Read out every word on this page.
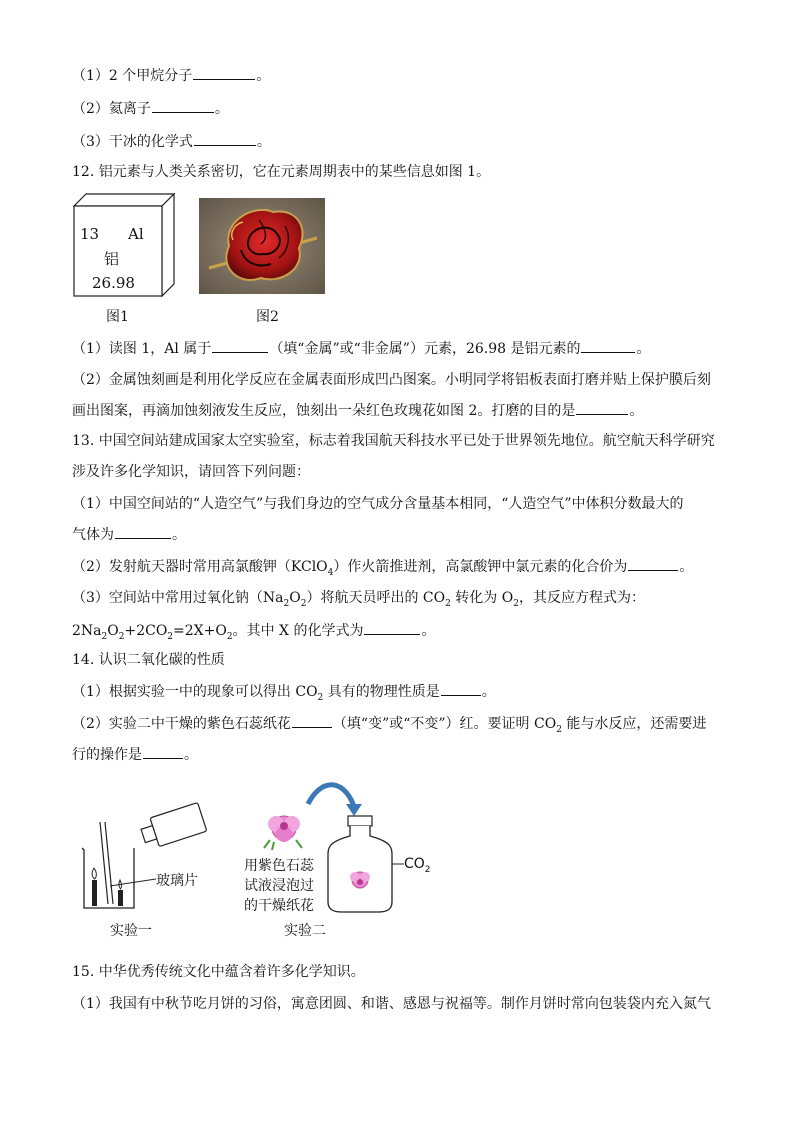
（1）2 个甲烷分子	。
（2）氦离子	。
（3）干冰的化学式	。
12. 铝元素与人类关系密切，它在元素周期表中的某些信息如图 1。
13 Al
铝
26.98
图1	图2
（1）读图 1，Al 属于	（填“金属”或“非金属”）元素，26.98 是铝元素的	。
（2）金属蚀刻画是利用化学反应在金属表面形成凹凸图案。小明同学将铝板表面打磨并贴上保护膜后刻
画出图案，再滴加蚀刻液发生反应，蚀刻出一朵红色玫瑰花如图 2。打磨的目的是	。
13. 中国空间站建成国家太空实验室，标志着我国航天科技水平已处于世界领先地位。航空航天科学研究
涉及许多化学知识，请回答下列问题：
（1）中国空间站的“人造空气”与我们身边的空气成分含量基本相同，“人造空气”中体积分数最大的
气体为	。
（2）发射航天器时常用高氯酸钾（KClO$_4$）作火箭推进剂，高氯酸钾中氯元素的化合价为	。
（3）空间站中常用过氧化钠$(Na_2O_2)$将航天员呼出的 $CO_2$ 转化为 $O_2$，其反应方程式为：
$2Na_2O_2+2CO_2=2X+O_2$。其中 X 的化学式为	。
14. 认识二氧化碳的性质
（1）根据实验一中的现象可以得出 $CO_2$ 具有的物理性质是	。
（2）实验二中干燥的紫色石蕊纸花	（填“变”或“不变”）红。要证明 $CO_2$ 能与水反应，还需要进
行的操作是	。
玻璃片
实验一
$CO_2$
用紫色石蕊
试液浸泡过
的干燥纸花
实验二
15. 中华优秀传统文化中蕴含着许多化学知识。
（1）我国有中秋节吃月饼的习俗，寓意团圆、和谐、感恩与祝福等。制作月饼时常向包装袋内充入氮气
